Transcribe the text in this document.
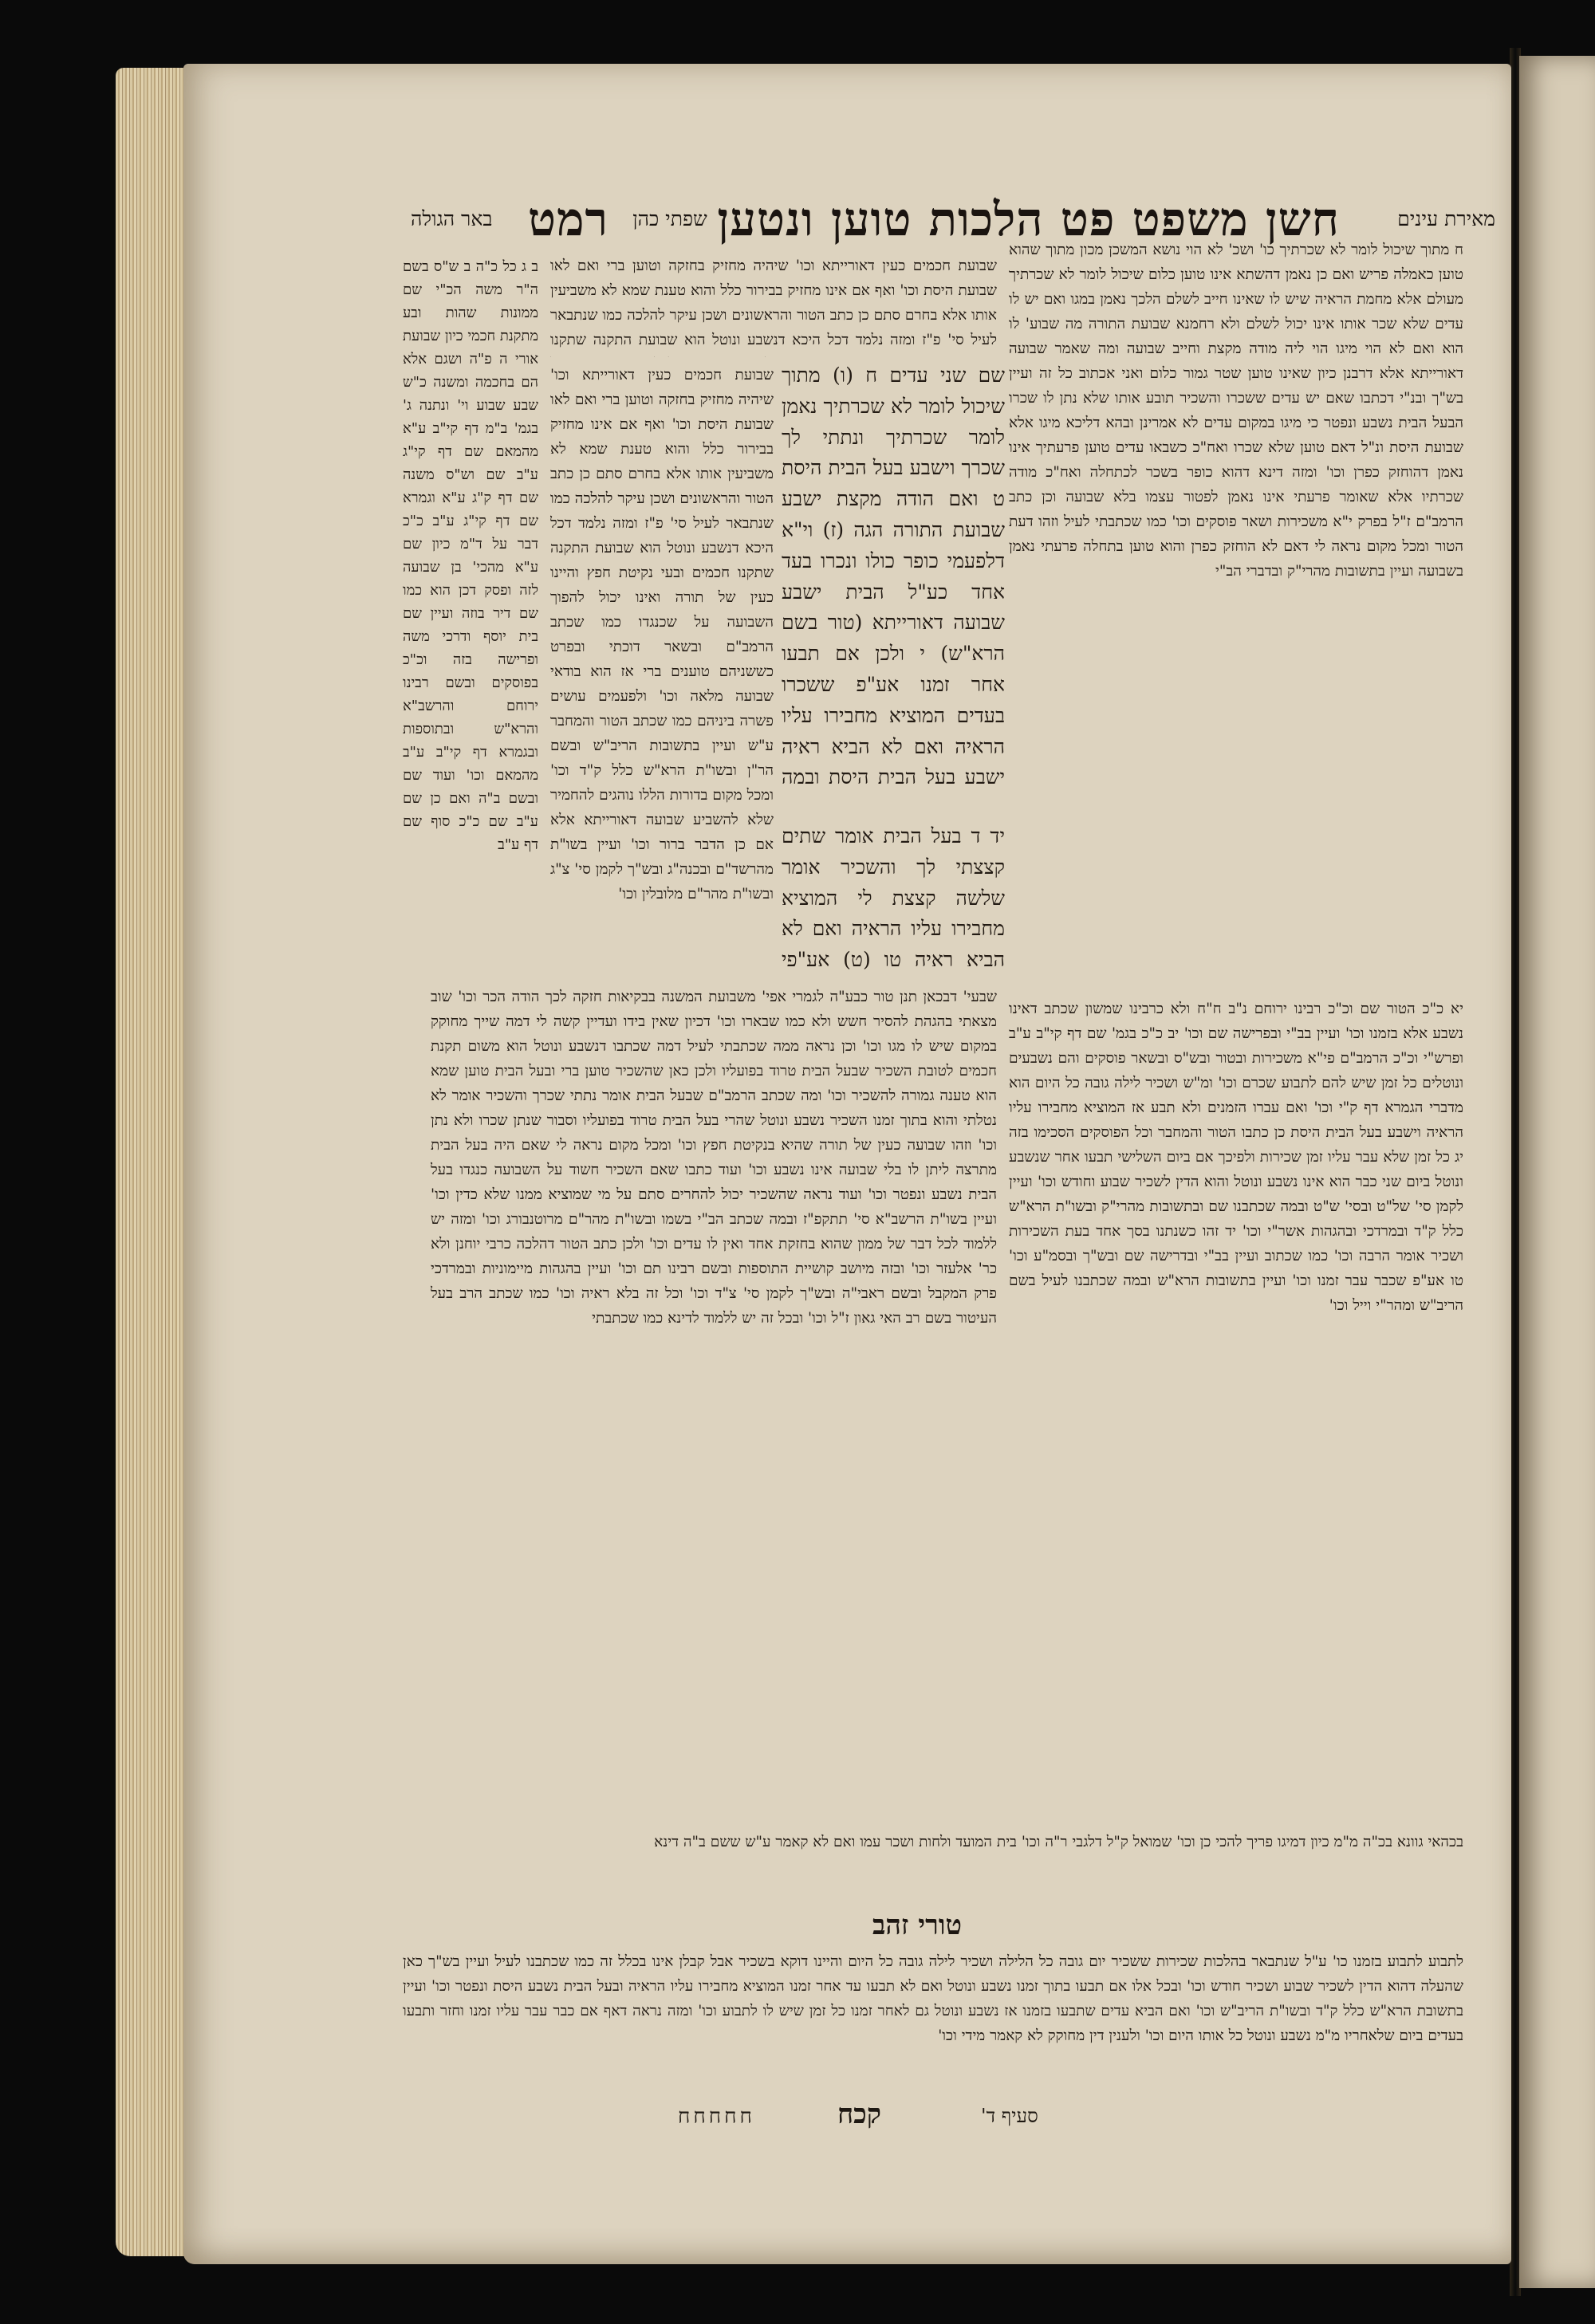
מאירת עינים
חשן משפט פט הלכות טוען ונטען
שפתי כהן
רמט
באר הגולה

ח מתוך שיכול לומר לא שכרתיך כו' ושכ' לא הוי נושא המשכן מכון מתוך שהוא טוען כאמלה פריש ואם כן נאמן דהשתא אינו טוען כלום שיכול לומר לא שכרתיך מעולם אלא מחמת הראיה שיש לו שאינו חייב לשלם הלכך נאמן במגו ואם יש לו עדים שלא שכר אותו אינו יכול לשלם ולא רחמנא שבועת התורה מה שבוע' לו הוא ואם לא הוי מיגו הוי ליה מודה מקצת וחייב שבועה ומה שאמר שבועה דאורייתא אלא דרבנן כיון שאינו טוען שטר גמור כלום ואני אכתוב כל זה ועיין בש"ך ובנ"י דכתבו שאם יש עדים ששכרו והשכיר תובע אותו שלא נתן לו שכרו הבעל הבית נשבע ונפטר כי מיגו במקום עדים לא אמרינן ובהא דליכא מיגו אלא שבועת היסת ונ"ל דאם טוען שלא שכרו ואח"כ כשבאו עדים טוען פרעתיך אינו נאמן דהוחזק כפרן וכו' ומזה דינא דהוא כופר בשכר לכתחלה ואח"כ מודה שכרתיו אלא שאומר פרעתי אינו נאמן לפטור עצמו בלא שבועה וכן כתב הרמב"ם ז"ל בפרק י"א משכירות ושאר פוסקים וכו' כמו שכתבתי לעיל וזהו דעת הטור ומכל מקום נראה לי דאם לא הוחזק כפרן והוא טוען בתחלה פרעתי נאמן בשבועה ועיין בתשובות מהרי"ק ובדברי הב"י

שבועת חכמים כעין דאורייתא וכו' שיהיה מחזיק בחזקה וטוען ברי ואם לאו שבועת היסת וכו' ואף אם אינו מחזיק בבירור כלל והוא טענת שמא לא משביעין אותו אלא בחרם סתם כן כתב הטור והראשונים ושכן עיקר להלכה כמו שנתבאר לעיל סי' פ"ז ומזה נלמד דכל היכא דנשבע ונוטל הוא שבועת התקנה שתקנו

שם שני עדים ח (ו) מתוך שיכול לומר לא שכרתיך נאמן לומר שכרתיך ונתתי לך שכרך וישבע בעל הבית היסת ט ואם הודה מקצת ישבע שבועת התורה הגה (ז) וי"א דלפעמי כופר כולו ונכרו בעד אחד כע"ל הבית ישבע שבועה דאורייתא (טור בשם הרא"ש) י ולכן אם תבעו אחר זמנו אע"פ ששכרו בעדים המוציא מחבירו עליו הראיה ואם לא הביא ראיה ישבע בעל הבית היסת ובמה

שבועת חכמים כעין דאורייתא וכו' שיהיה מחזיק בחזקה וטוען ברי ואם לאו שבועת היסת וכו' ואף אם אינו מחזיק בבירור כלל והוא טענת שמא לא משביעין אותו אלא בחרם סתם כן כתב הטור והראשונים ושכן עיקר להלכה כמו שנתבאר לעיל סי' פ"ז ומזה נלמד דכל היכא דנשבע ונוטל הוא שבועת התקנה שתקנו חכמים ובעי נקיטת חפץ והיינו כעין של תורה ואינו יכול להפוך השבועה על שכנגדו כמו שכתב הרמב"ם ובשאר דוכתי ובפרט כששניהם טוענים ברי אז הוא בודאי שבועה מלאה וכו' ולפעמים עושים פשרה ביניהם כמו שכתב הטור והמחבר ע"ש ועיין בתשובות הריב"ש ובשם הר"ן ובשו"ת הרא"ש כלל ק"ד וכו' ומכל מקום בדורות הללו נוהגים להחמיר שלא להשביע שבועה דאורייתא אלא אם כן הדבר ברור וכו' ועיין בשו"ת מהרשד"ם ובכנה"ג ובש"ך לקמן סי' צ"ג ובשו"ת מהר"ם מלובלין וכו'

ב ג כל כ"ה ב ש"ס בשם ה"ר משה הכ"י שם ממונות שהות ובע מתקנת חכמי כיון שבועת אורי ה פ"ה ושגם אלא הם בחכמה ומשנה כ"ש שבע שבוע וי' ונתנה ג' בגמ' ב"מ דף קי"ב ע"א מהמאם שם דף קי"ג ע"ב שם וש"ס משנה שם דף ק"ג ע"א וגמרא שם דף קי"ג ע"ב כ"כ דבר על ד"מ כיון שם ע"א מהכי' בן שבועה לזה ופסק דכן הוא כמו שם דיר בוזה ועיין שם בית יוסף ודרכי משה ופרישה בזה וכ"כ בפוסקים ובשם רבינו ירוחם והרשב"א והרא"ש ובתוספות ובגמרא דף קי"ב ע"ב מהמאם וכו' ועוד שם ובשם ב"ה ואם כן שם ע"ב שם כ"כ סוף שם דף ע"ב	יד ד בעל הבית אומר שתים קצצתי לך והשכיר אומר שלשה קצצת לי המוציא מחבירו עליו הראיה ואם לא הביא ראיה טו (ט) אע"פי

יא כ"כ הטור שם וכ"כ רבינו ירוחם נ"ב ח"ח ולא כרבינו שמשון שכתב דאינו נשבע אלא בזמנו וכו' ועיין בב"י ובפרישה שם וכו' יב כ"כ בגמ' שם דף קי"ב ע"ב ופרש"י וכ"כ הרמב"ם פי"א משכירות ובטור ובש"ס ובשאר פוסקים והם נשבעים ונוטלים כל זמן שיש להם לתבוע שכרם וכו' ומ"ש ושכיר לילה גובה כל היום הוא מדברי הגמרא דף ק"י וכו' ואם עברו הזמנים ולא תבע אז המוציא מחבירו עליו הראיה וישבע בעל הבית היסת כן כתבו הטור והמחבר וכל הפוסקים הסכימו בזה יג כל זמן שלא עבר עליו זמן שכירות ולפיכך אם ביום השלישי תבעו אחר שנשבע ונוטל ביום שני כבר הוא אינו נשבע ונוטל והוא הדין לשכיר שבוע וחודש וכו' ועיין לקמן סי' של"ט ובסי' ש"ט ובמה שכתבנו שם ובתשובות מהרי"ק ובשו"ת הרא"ש כלל ק"ד ובמרדכי ובהגהות אשר"י וכו' יד זהו כשנתנו בסך אחד בעת השכירות ושכיר אומר הרבה וכו' כמו שכתוב ועיין בב"י ובדרישה שם ובש"ך ובסמ"ע וכו' טו אע"פ שכבר עבר זמנו וכו' ועיין בתשובות הרא"ש ובמה שכתבנו לעיל בשם הריב"ש ומהר"י וייל וכו'

שבעי' דבכאן תנן טור כבע"ה לגמרי אפי' משבועת המשנה בבקיאות חזקה לכך הודה הכר וכו' שוב מצאתי בהגהת להסיר חשש ולא כמו שבארו וכו' דכיון שאין בידו ועדיין קשה לי דמה שייך מחוקק במקום שיש לו מגו וכו' וכן נראה ממה שכתבתי לעיל דמה שכתבו דנשבע ונוטל הוא משום תקנת חכמים לטובת השכיר שבעל הבית טרוד בפועליו ולכן כאן שהשכיר טוען ברי ובעל הבית טוען שמא הוא טענה גמורה להשכיר וכו' ומה שכתב הרמב"ם שבעל הבית אומר נתתי שכרך והשכיר אומר לא נטלתי והוא בתוך זמנו השכיר נשבע ונוטל שהרי בעל הבית טרוד בפועליו וסבור שנתן שכרו ולא נתן וכו' וזהו שבועה כעין של תורה שהיא בנקיטת חפץ וכו' ומכל מקום נראה לי שאם היה בעל הבית מתרצה ליתן לו בלי שבועה אינו נשבע וכו' ועוד כתבו שאם השכיר חשוד על השבועה כנגדו בעל הבית נשבע ונפטר וכו' ועוד נראה שהשכיר יכול להחרים סתם על מי שמוציא ממנו שלא כדין וכו' ועיין בשו"ת הרשב"א סי' תתקפ"ז ובמה שכתב הב"י בשמו ובשו"ת מהר"ם מרוטנבורג וכו' ומזה יש ללמוד לכל דבר של ממון שהוא בחזקת אחד ואין לו עדים וכו' ולכן כתב הטור דהלכה כרבי יוחנן ולא כר' אלעזר וכו' ובזה מיושב קושיית התוספות ובשם רבינו תם וכו' ועיין בהגהות מיימוניות ובמרדכי פרק המקבל ובשם ראבי"ה ובש"ך לקמן סי' צ"ד וכו' וכל זה בלא ראיה וכו' כמו שכתב הרב בעל העיטור בשם רב האי גאון ז"ל וכו' ובכל זה יש ללמוד לדינא כמו שכתבתי

בכהאי גוונא בכ"ה מ"מ כיון דמיגו פריך להכי כן וכו' שמואל ק"ל דלגבי ר"ה וכו' בית המועד ולחות ושכר עמו ואם לא קאמר ע"ש ששם ב"ה דינא

טורי זהב

לתבוע לתבוע בזמנו כו' ע"ל שנתבאר בהלכות שכירות ששכיר יום גובה כל הלילה ושכיר לילה גובה כל היום והיינו דוקא בשכיר אבל קבלן אינו בכלל זה כמו שכתבנו לעיל ועיין בש"ך כאן שהעלה דהוא הדין לשכיר שבוע ושכיר חודש וכו' ובכל אלו אם תבעו בתוך זמנו נשבע ונוטל ואם לא תבעו עד אחר זמנו המוציא מחבירו עליו הראיה ובעל הבית נשבע היסת ונפטר וכו' ועיין בתשובת הרא"ש כלל ק"ד ובשו"ת הריב"ש וכו' ואם הביא עדים שתבעו בזמנו אז נשבע ונוטל גם לאחר זמנו כל זמן שיש לו לתבוע וכו' ומזה נראה דאף אם כבר עבר עליו זמנו וחזר ותבעו בעדים ביום שלאחריו מ"מ נשבע ונוטל כל אותו היום וכו' ולענין דין מחוקק לא קאמר מידי וכו'

חחחחח	קכח	סעיף ד'
